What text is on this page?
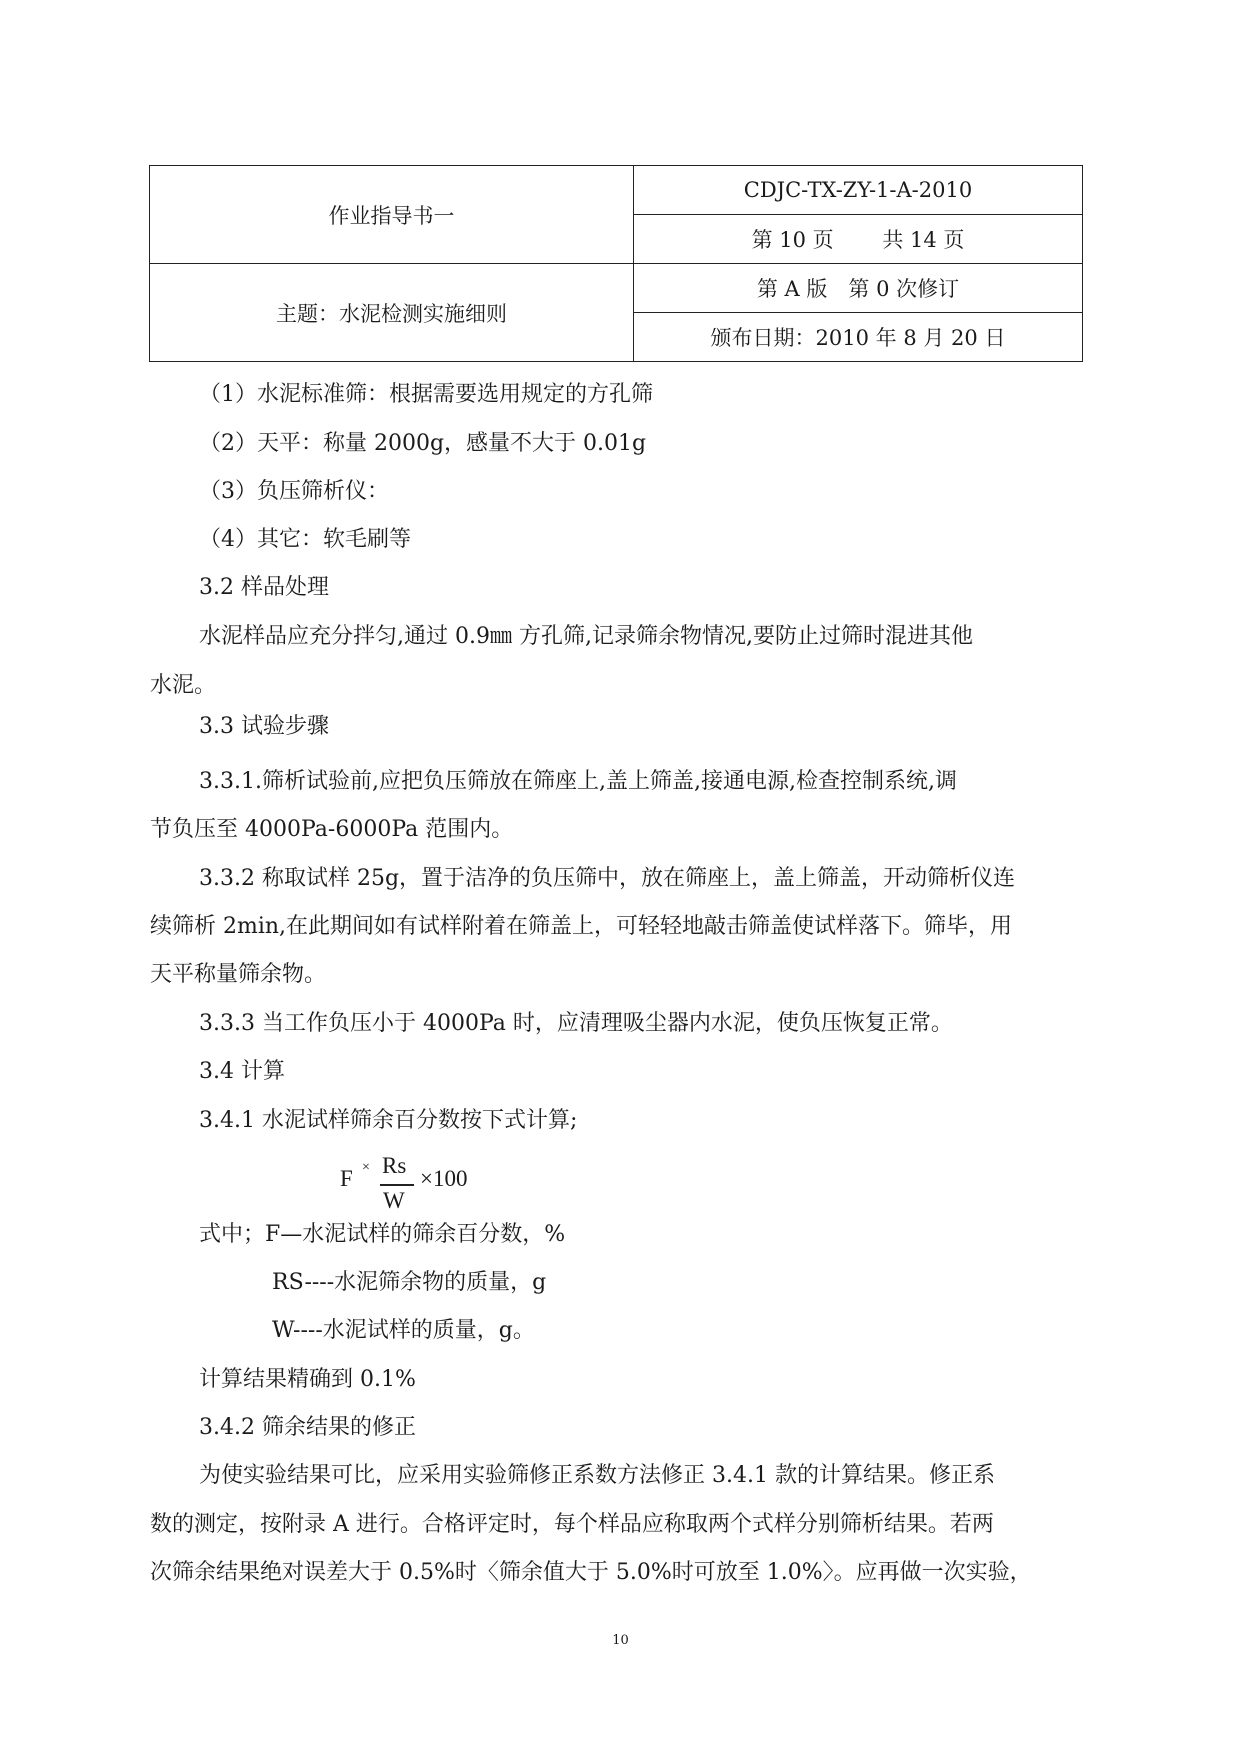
作业指导书一	CDJC-TX-ZY-1-A-2010
	第 10 页　　 共 14 页
主题：水泥检测实施细则	第 A 版　第 0 次修订
	颁布日期：2010 年 8 月 20 日
（1）水泥标准筛：根据需要选用规定的方孔筛
（2）天平：称量 2000g，感量不大于 0.01g
（3）负压筛析仪：
（4）其它：软毛刷等
3.2 样品处理
水泥样品应充分拌匀,通过 0.9㎜ 方孔筛,记录筛余物情况,要防止过筛时混进其他
水泥。
3.3 试验步骤
3.3.1.筛析试验前,应把负压筛放在筛座上,盖上筛盖,接通电源,检查控制系统,调
节负压至 4000Pa-6000Pa 范围内。
3.3.2 称取试样 25g，置于洁净的负压筛中，放在筛座上，盖上筛盖，开动筛析仪连
续筛析 2min,在此期间如有试样附着在筛盖上，可轻轻地敲击筛盖使试样落下。筛毕，用
天平称量筛余物。
3.3.3 当工作负压小于 4000Pa 时，应清理吸尘器内水泥，使负压恢复正常。
3.4 计算
3.4.1 水泥试样筛余百分数按下式计算;
F × Rs
W
×100
式中；F—水泥试样的筛余百分数，%
RS----水泥筛余物的质量，g
W----水泥试样的质量，g。
计算结果精确到 0.1%
3.4.2 筛余结果的修正
为使实验结果可比，应采用实验筛修正系数方法修正 3.4.1 款的计算结果。修正系
数的测定，按附录 A 进行。合格评定时，每个样品应称取两个式样分别筛析结果。若两
次筛余结果绝对误差大于 0.5%时〈筛余值大于 5.0%时可放至 1.0%〉。应再做一次实验，
10
